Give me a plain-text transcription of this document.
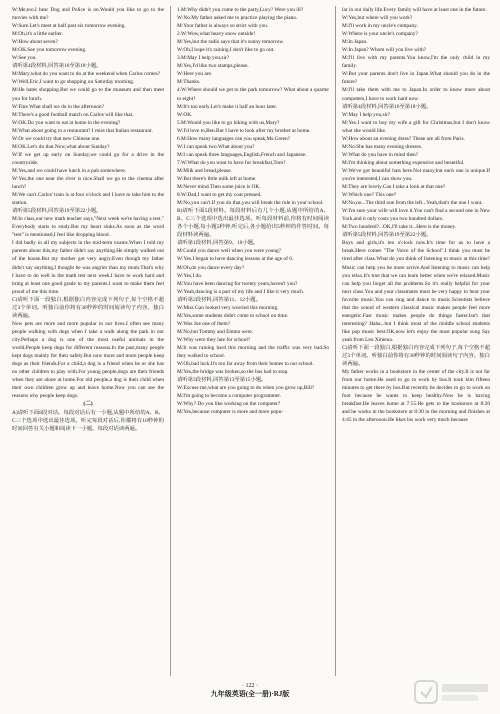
W:Me,too.I hear Dog and Police is on.Would you like to go to the movies with me?

W:Sure.Let's meet at half past six tomorrow evening.

M:Oh,it's a little earlier.

W:How about seven?

M:OK.See you tomorrow evening.

W:See you.

请听第4段材料,回答第16至第18小题。

M:Mary,what do you want to do at the weekend when Carlos comes?

W:Well,Eric,I want to go shopping on Saturday morning.

M:He hates shopping.But we could go to the museum and then meet you for lunch.

W:Fine.What shall we do in the afternoon?

M:There's a good football match on.Carlos will like that.

W:OK.Do you want to eat at home in the evening?

M:What about going to a restaurant? I miss that Italian restaurant.

W:Or we could try that new Chinese one.

M:OK.Let's do that.Now,what about Sunday?

W:If we get up early on Sunday,we could go for a drive in the countryside.

M:Yes,and we could have lunch in a pub somewhere.

W:Yes,the one near the river is nice.Shall we go to the cinema after lunch?

M:We can't.Carlos' train is at four o'clock and I have to take him to the station.

请听第5段材料,回答第19至第22小题。

M:In class,our new math teacher says,"Next week we're having a test." Everybody starts to study.But my heart sinks.As soon as the word "test" is mentioned,I feel like dropping blood.

I did badly in all my subjects in the mid-term exams.When I told my parents about this,my father didn't say anything.He simply walked out of the house.But my mother got very angry.Even though my father didn't say anything,I thought he was angrier than my mum.That's why I have to do well in the math test next week.I have to work hard and bring at least one good grade to my parents.I want to make them feel proud of me this time.

C)请听下面一段独白,根据独白内容完成下列句子,每个空格不超过3个单词。听独白前你将有30秒钟的时间阅读句子内容。独白读两遍。

Now pets are more and more popular in our lives.I often see many people walking with dogs when I take a walk along the park in our city.Perhaps a dog is one of the most useful animals in the world.People keep dogs for different reasons.In the past,many people kept dogs mainly for their safety.But now more and more people keep dogs as their friends.For a child,a dog is a friend when he or she has no other children to play with.For young people,dogs are their friends when they are alone at home.For old people,a dog is their child when their own children grow up and leave home.Now you can see the reasons why people keep dogs.

(二)

A)请听下面8段对话。每段对话后有一小题,从题中所给的A、B、C三个选项中选出最佳选项。听完每段对话后,你都将有10秒钟的时间回答有关小题和阅读下一小题。每段对话读两遍。

1.M:Why didn't you come to the party,Lucy? Were you ill?

W:No.My father asked me to practice playing the piano.

M:Your father is always so strict with you.

2.W:Wow,what heavy snow outside!

M:Yes,but the radio says that it's sunny tomorrow.

W:Oh,I hope it's raining.I don't like to go out.

3.M:May I help you,sir?

M:Yes,I'd like two stamps,please.

W:Here you are.

M:Thanks.

4.W:Where should we get to the park tomorrow? What about a quarter to eight?

M:It's too early.Let's make it half an hour later.

W:OK.

5.M:Would you like to go hiking with us,Mary?

W:I'd love to,Ben.But I have to look after my brother at home.

6.M:How many languages can you speak,Ms.Green?

W:I can speak two.What about you?

M:I can speak three languages,English,French and Japanese.

7.W:What do you want to have for breakfast,Tom?

M:Milk and bread,please.

W:But there's little milk left at home.

M:Never mind.Then some juice is OK.

8.W:Dad,I want to get my coat pressed.

M:No,you can't.If you do that,you will break the rule in your school.

B)请听下面5段材料。每段材料后有几个小题,从题中所给的A、B、C三个选项中选出最佳选项。听每段材料前,你将有时间阅读各个小题,每小题5秒钟;听完后,各小题给出5秒钟的作答时间。每段材料读两遍。

请听第1段材料,回答第9、10小题。

M:Could you dance well when you were young?

W:Yes.I began to have dancing lessons at the age of 6.

M:Oh,do you dance every day?

W:Yes,I do.

M:You have been dancing for twenty years,haven't you?

W:Yeah,dancing is a part of my life and I like it very much.

请听第2段材料,回答第11、12小题。

W:Miss Gao looked very worried this morning.

M:Yes,some students didn't come to school on time.

W:Was Joe one of them?

M:No,but Tommy and Emma were.

W:Why were they late for school?

M:It was raining hard this morning and the traffic was very bad.So they walked to school.

W:Oh,bad luck.It's too far away from their homes to our school.

M:Yes,the bridge was broken,so the bus had to stop.

请听第3段材料,回答第13至第15小题。

W:Excuse me,what are you going to do when you grow up,Bill?

M:I'm going to become a computer programmer.

W:Why? Do you like working on the computer?

M:Yes,because computer is more and more popu-

lar in our daily life.Every family will have at least one in the future.

W:Yes,but where will you work?

M:I'll work in my uncle's company.

W:Where is your uncle's company?

M:In Japan.

W:In Japan? Whom will you live with?

M:I'll live with my parents.You know,I'm the only child in my family.

W:But your parents don't live in Japan.What should you do in the future?

M:I'll take them with me to Japan.In order to know more about computers,I have to work hard now.

请听第4段材料,回答第16至第18小题。

W:May I help you,sir?

M:Yes.I want to buy my wife a gift for Christmas,but I don't know what she would like.

W:How about an evening dress? These are all from Paris.

M:No.She has many evening dresses.

W:What do you have in mind then?

M:I'm thinking about something expensive and beautiful.

W:We've got beautiful hats here.Not many,but each one is unique.If you're interested,I can show you.

M:They are lovely.Can I take a look at that one?

W:Which one? This one?

M:No,no...The third one from the left...Yeah,that's the one I want.

W:I'm sure your wife will love it.You can't find a second one in New York,and it only costs you two hundred dollars.

M:Two hundred?...OK,I'll take it...Here is the money.

请听第5段材料,回答第19至第22小题。

Boys and girls,it's ten o'clock now.It's time for us to have a break.Here comes "The Voice of the School".I think you must be tired after class.What do you think of listening to music at this time? Music can help you be more active.And listening to music can help you relax.It's true that we can learn better when we're relaxed.Music can help you forget all the problems.So it's really helpful for your next class.You and your classmates must be very happy to hear your favorite music.You can sing and dance to music.Scientists believe that the sound of western classical music makes people feel more energetic.Fast music makes people do things faster.Isn't that interesting? Haha...but I think most of the middle school students like pop music best.OK,now let's enjoy the most popular song Say yeah from Leo Ximena.

C)请听下面一段独白,根据独白内容完成下列句子,每个空格不超过3个单词。听独白前你将有30秒钟的时间阅读句子内容。独白读两遍。

My father works in a bookstore in the center of the city.It is not far from our home.He used to go to work by bus.It took him fifteen minutes to get there by bus.But recently he decides to go to work on foot because he wants to keep healthy.Now he is having breakfast.He leaves home at 7:55.He gets to the bookstore at 8:20 and he works in the bookstore at 8:30 in the morning and finishes at 4:45 in the afternoon.He likes his work very much because

· 122 ·
九年级英语(全一册)·RJ版
